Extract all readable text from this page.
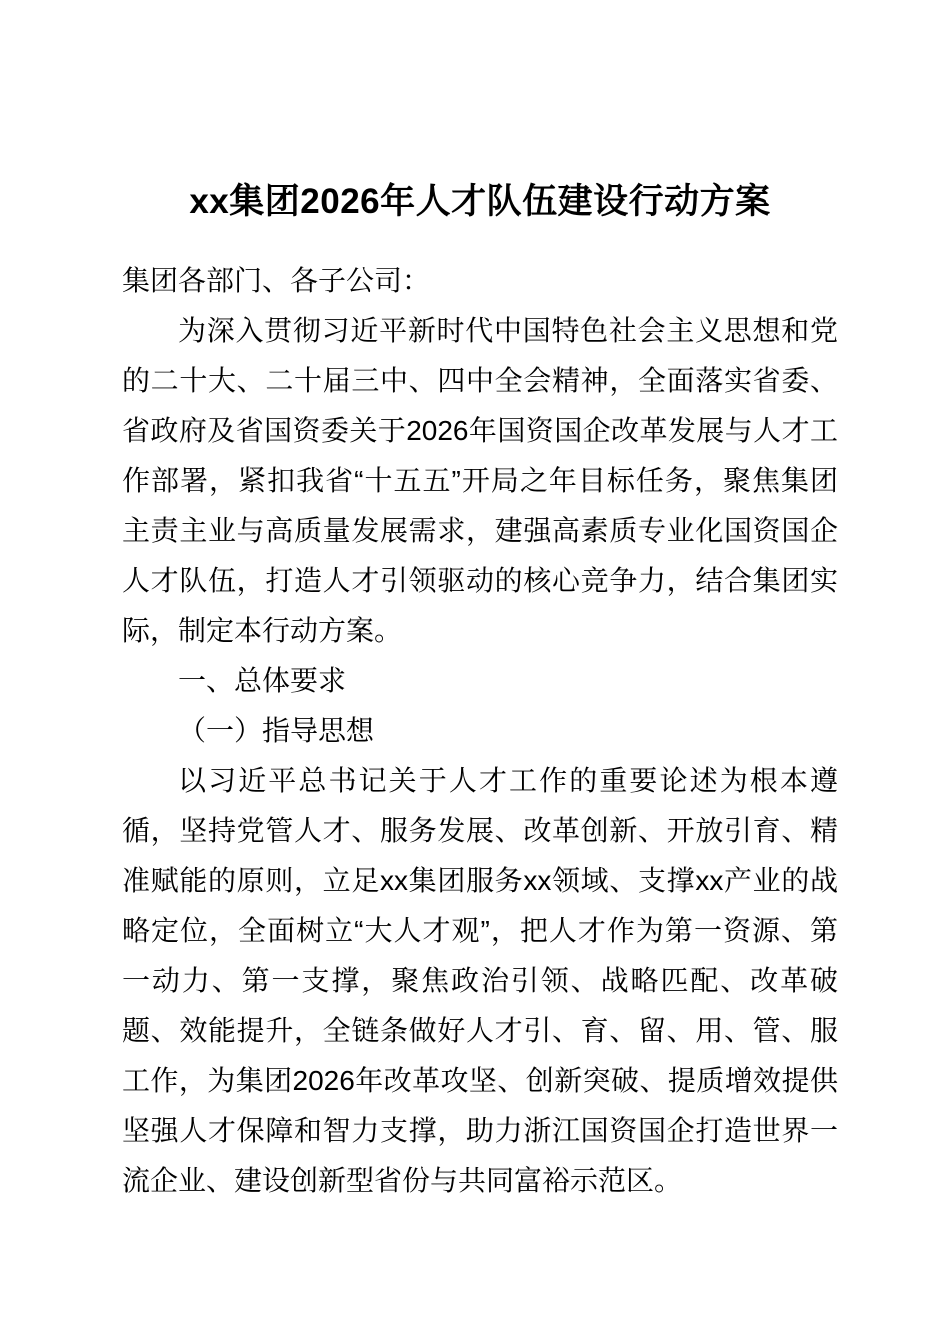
xx集团2026年人才队伍建设行动方案

集团各部门、各子公司：

为深入贯彻习近平新时代中国特色社会主义思想和党的二十大、二十届三中、四中全会精神，全面落实省委、省政府及省国资委关于2026年国资国企改革发展与人才工作部署，紧扣我省“十五五”开局之年目标任务，聚焦集团主责主业与高质量发展需求，建强高素质专业化国资国企人才队伍，打造人才引领驱动的核心竞争力，结合集团实际，制定本行动方案。

一、总体要求
（一）指导思想

以习近平总书记关于人才工作的重要论述为根本遵循，坚持党管人才、服务发展、改革创新、开放引育、精准赋能的原则，立足xx集团服务xx领域、支撑xx产业的战略定位，全面树立“大人才观”，把人才作为第一资源、第一动力、第一支撑，聚焦政治引领、战略匹配、改革破题、效能提升，全链条做好人才引、育、留、用、管、服工作，为集团2026年改革攻坚、创新突破、提质增效提供坚强人才保障和智力支撑，助力浙江国资国企打造世界一流企业、建设创新型省份与共同富裕示范区。
